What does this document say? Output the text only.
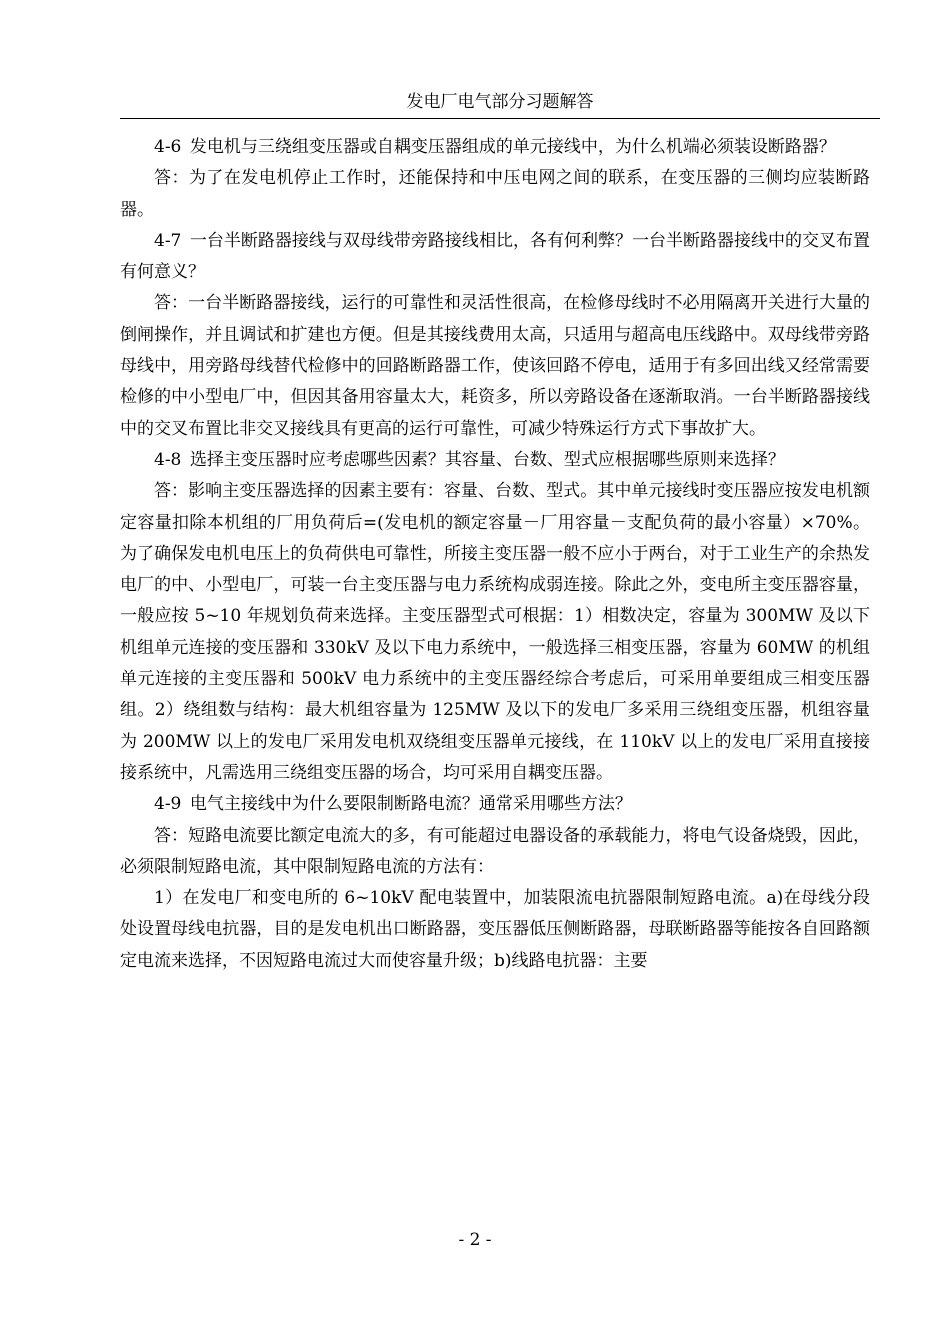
发电厂电气部分习题解答

4-6 发电机与三绕组变压器或自耦变压器组成的单元接线中，为什么机端必须装设断路器？

答：为了在发电机停止工作时，还能保持和中压电网之间的联系，在变压器的三侧均应装断路器。

4-7 一台半断路器接线与双母线带旁路接线相比，各有何利弊？一台半断路器接线中的交叉布置有何意义？

答：一台半断路器接线，运行的可靠性和灵活性很高，在检修母线时不必用隔离开关进行大量的倒闸操作，并且调试和扩建也方便。但是其接线费用太高，只适用与超高电压线路中。双母线带旁路母线中，用旁路母线替代检修中的回路断路器工作，使该回路不停电，适用于有多回出线又经常需要检修的中小型电厂中，但因其备用容量太大，耗资多，所以旁路设备在逐渐取消。一台半断路器接线中的交叉布置比非交叉接线具有更高的运行可靠性，可减少特殊运行方式下事故扩大。

4-8 选择主变压器时应考虑哪些因素？其容量、台数、型式应根据哪些原则来选择？

答：影响主变压器选择的因素主要有：容量、台数、型式。其中单元接线时变压器应按发电机额定容量扣除本机组的厂用负荷后=(发电机的额定容量－厂用容量－支配负荷的最小容量）×70%。为了确保发电机电压上的负荷供电可靠性，所接主变压器一般不应小于两台，对于工业生产的余热发电厂的中、小型电厂，可装一台主变压器与电力系统构成弱连接。除此之外，变电所主变压器容量，一般应按 5~10 年规划负荷来选择。主变压器型式可根据：1）相数决定，容量为 300MW 及以下机组单元连接的变压器和 330kV 及以下电力系统中，一般选择三相变压器，容量为 60MW 的机组单元连接的主变压器和 500kV 电力系统中的主变压器经综合考虑后，可采用单要组成三相变压器组。2）绕组数与结构：最大机组容量为 125MW 及以下的发电厂多采用三绕组变压器，机组容量为 200MW 以上的发电厂采用发电机双绕组变压器单元接线，在 110kV 以上的发电厂采用直接接接系统中，凡需选用三绕组变压器的场合，均可采用自耦变压器。

4-9 电气主接线中为什么要限制断路电流？通常采用哪些方法？

答：短路电流要比额定电流大的多，有可能超过电器设备的承载能力，将电气设备烧毁，因此，必须限制短路电流，其中限制短路电流的方法有：

1）在发电厂和变电所的 6~10kV 配电装置中，加装限流电抗器限制短路电流。a)在母线分段处设置母线电抗器，目的是发电机出口断路器，变压器低压侧断路器，母联断路器等能按各自回路额定电流来选择，不因短路电流过大而使容量升级；b)线路电抗器：主要

- 2 -
